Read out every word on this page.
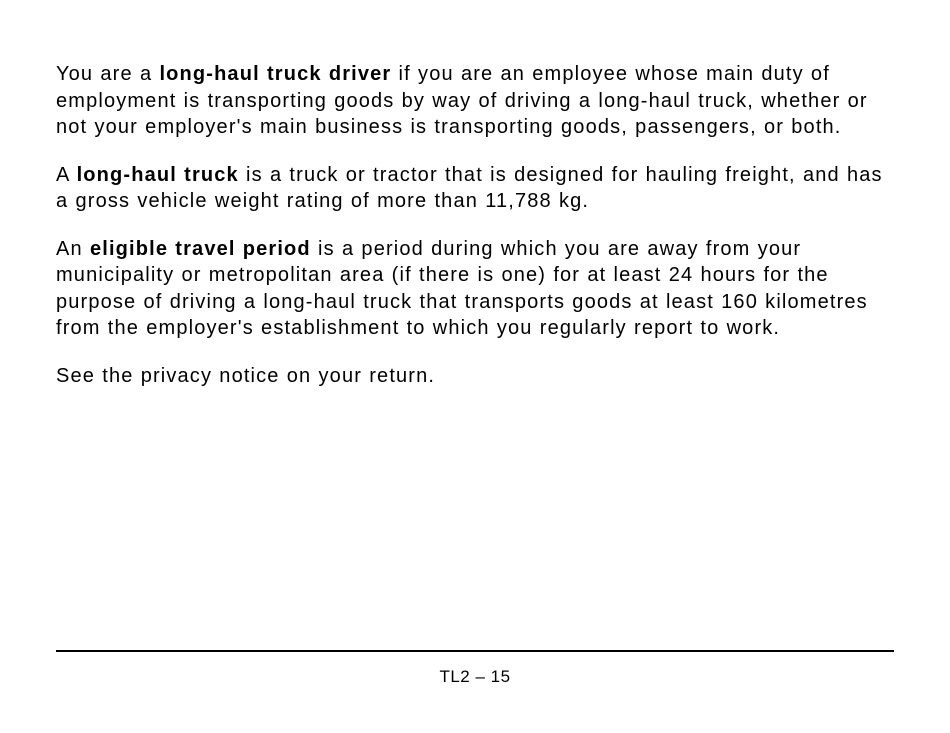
You are a long-haul truck driver if you are an employee whose main duty of employment is transporting goods by way of driving a long-haul truck, whether or not your employer's main business is transporting goods, passengers, or both.

A long-haul truck is a truck or tractor that is designed for hauling freight, and has a gross vehicle weight rating of more than 11,788 kg.

An eligible travel period is a period during which you are away from your municipality or metropolitan area (if there is one) for at least 24 hours for the purpose of driving a long-haul truck that transports goods at least 160 kilometres from the employer's establishment to which you regularly report to work.

See the privacy notice on your return.

TL2 – 15
